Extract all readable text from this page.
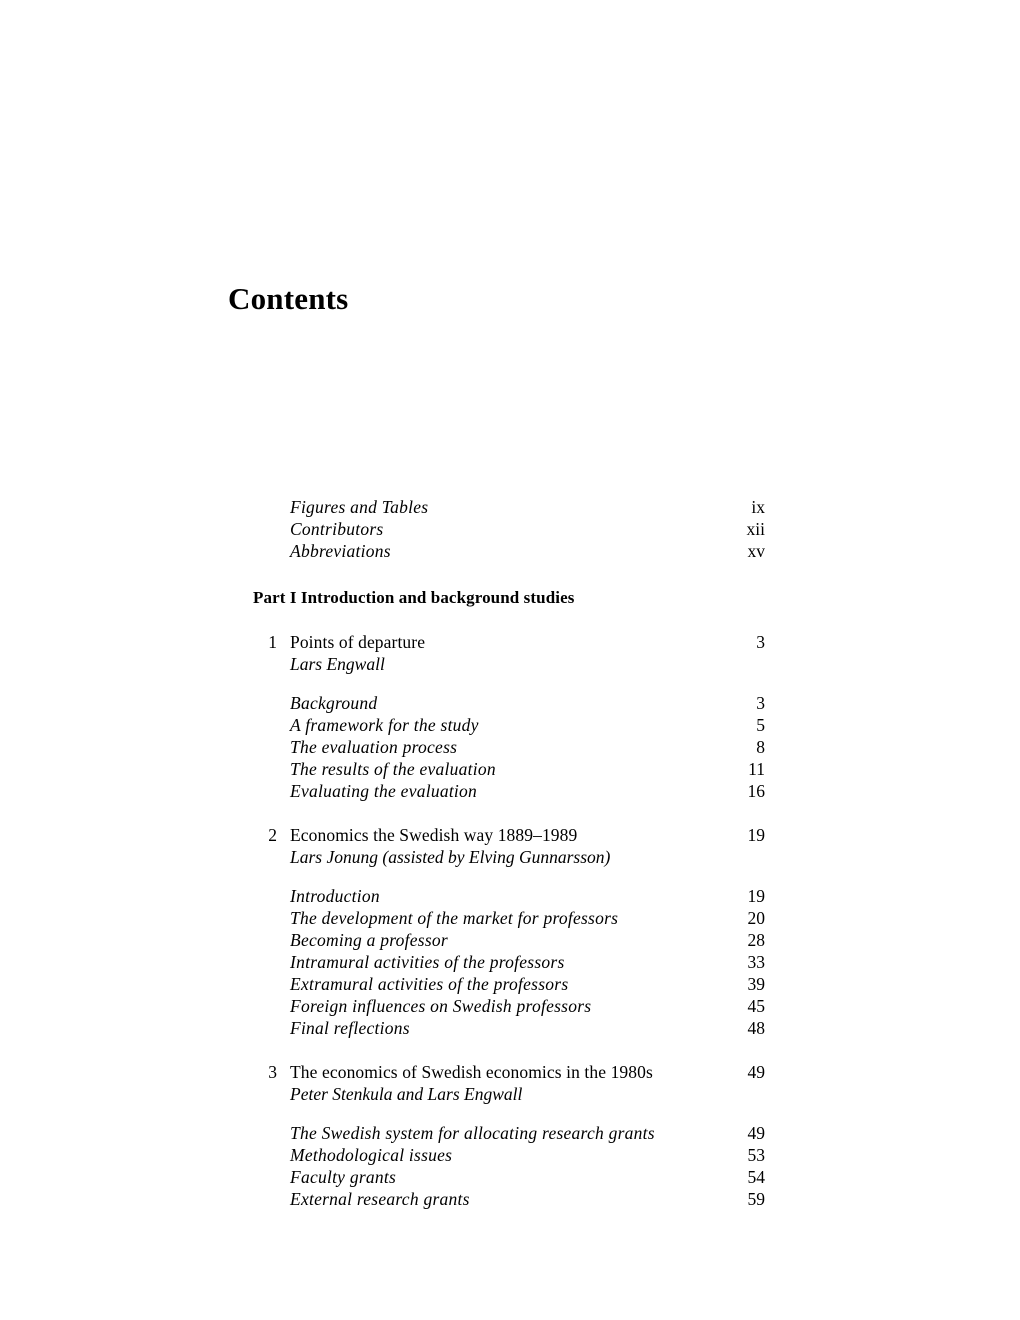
Contents
Figures and Tables	ix
Contributors	xii
Abbreviations	xv
Part I Introduction and background studies
1 Points of departure	3
Lars Engwall
Background	3
A framework for the study	5
The evaluation process	8
The results of the evaluation	11
Evaluating the evaluation	16
2 Economics the Swedish way 1889–1989	19
Lars Jonung (assisted by Elving Gunnarsson)
Introduction	19
The development of the market for professors	20
Becoming a professor	28
Intramural activities of the professors	33
Extramural activities of the professors	39
Foreign influences on Swedish professors	45
Final reflections	48
3 The economics of Swedish economics in the 1980s	49
Peter Stenkula and Lars Engwall
The Swedish system for allocating research grants	49
Methodological issues	53
Faculty grants	54
External research grants	59
